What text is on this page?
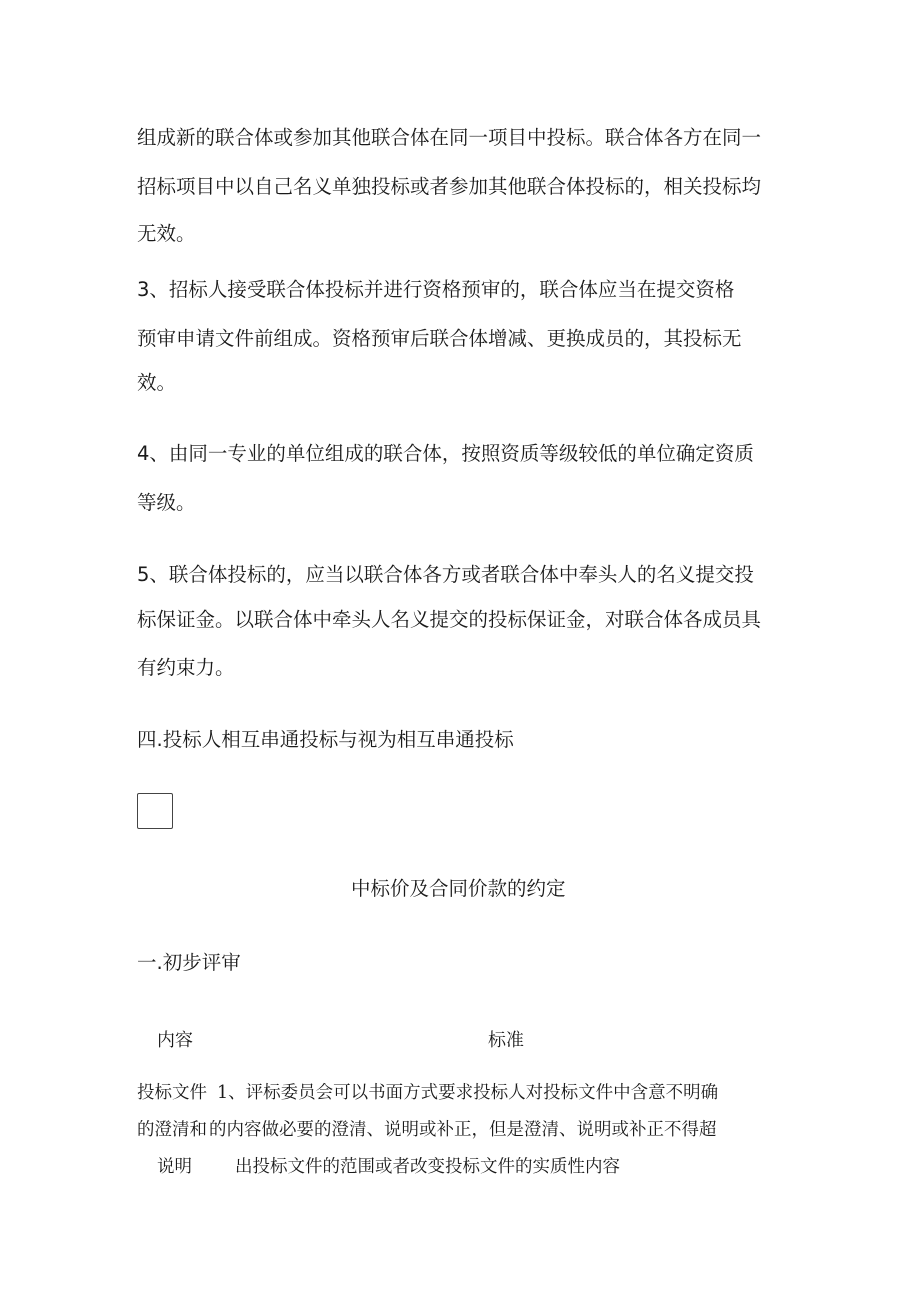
组成新的联合体或参加其他联合体在同一项目中投标。联合体各方在同一
招标项目中以自己名义单独投标或者参加其他联合体投标的，相关投标均
无效。
3、招标人接受联合体投标并进行资格预审的，联合体应当在提交资格
预审申请文件前组成。资格预审后联合体增减、更换成员的，其投标无
效。
4、由同一专业的单位组成的联合体，按照资质等级较低的单位确定资质
等级。
5、联合体投标的，应当以联合体各方或者联合体中奉头人的名义提交投
标保证金。以联合体中牵头人名义提交的投标保证金，对联合体各成员具
有约束力。
四.投标人相互串通投标与视为相互串通投标
中标价及合同价款的约定
一.初步评审
内容	标准
投标文件 1、评标委员会可以书面方式要求投标人对投标文件中含意不明确
的澄清和 的内容做必要的澄清、说明或补正，但是澄清、说明或补正不得超
说明 出投标文件的范围或者改变投标文件的实质性内容
